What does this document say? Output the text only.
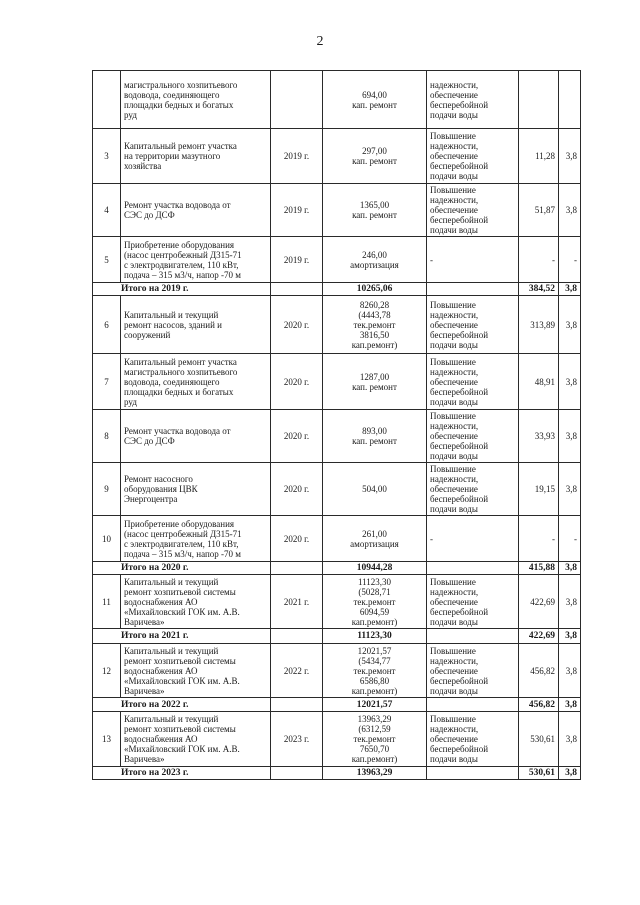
2
	магистрального хозпитьевого
водовода, соединяющего
площадки бедных и богатых
руд		694,00
кап. ремонт	надежности,
обеспечение
бесперебойной
подачи воды		
3	Капитальный ремонт участка
на территории мазутного
хозяйства	2019 г.	297,00
кап. ремонт	Повышение
надежности,
обеспечение
бесперебойной
подачи воды	11,28	3,8
4	Ремонт участка водовода от
СЭС до ДСФ	2019 г.	1365,00
кап. ремонт	Повышение
надежности,
обеспечение
бесперебойной
подачи воды	51,87	3,8
5	Приобретение оборудования
(насос центробежный Д315-71
с электродвигателем, 110 кВт,
подача – 315 м3/ч, напор -70 м	2019 г.	246,00
амортизация	-	-	-
Итого на 2019 г.			10265,06		384,52	3,8
6	Капитальный и текущий
ремонт насосов, зданий и
сооружений	2020 г.	8260,28
(4443,78
тек.ремонт
3816,50
кап.ремонт)	Повышение
надежности,
обеспечение
бесперебойной
подачи воды	313,89	3,8
7	Капитальный ремонт участка
магистрального хозпитьевого
водовода, соединяющего
площадки бедных и богатых
руд	2020 г.	1287,00
кап. ремонт	Повышение
надежности,
обеспечение
бесперебойной
подачи воды	48,91	3,8
8	Ремонт участка водовода от
СЭС до ДСФ	2020 г.	893,00
кап. ремонт	Повышение
надежности,
обеспечение
бесперебойной
подачи воды	33,93	3,8
9	Ремонт насосного
оборудования ЦВК
Энергоцентра	2020 г.	504,00	Повышение
надежности,
обеспечение
бесперебойной
подачи воды	19,15	3,8
10	Приобретение оборудования
(насос центробежный Д315-71
с электродвигателем, 110 кВт,
подача – 315 м3/ч, напор -70 м	2020 г.	261,00
амортизация	-	-	-
Итого на 2020 г.			10944,28		415,88	3,8
11	Капитальный и текущий
ремонт хозпитьевой системы
водоснабжения АО
«Михайловский ГОК им. А.В.
Варичева»	2021 г.	11123,30
(5028,71
тек.ремонт
6094,59
кап.ремонт)	Повышение
надежности,
обеспечение
бесперебойной
подачи воды	422,69	3,8
Итого на 2021 г.			11123,30		422,69	3,8
12	Капитальный и текущий
ремонт хозпитьевой системы
водоснабжения АО
«Михайловский ГОК им. А.В.
Варичева»	2022 г.	12021,57
(5434,77
тек.ремонт
6586,80
кап.ремонт)	Повышение
надежности,
обеспечение
бесперебойной
подачи воды	456,82	3,8
Итого на 2022 г.			12021,57		456,82	3,8
13	Капитальный и текущий
ремонт хозпитьевой системы
водоснабжения АО
«Михайловский ГОК им. А.В.
Варичева»	2023 г.	13963,29
(6312,59
тек.ремонт
7650,70
кап.ремонт)	Повышение
надежности,
обеспечение
бесперебойной
подачи воды	530,61	3,8
Итого на 2023 г.			13963,29		530,61	3,8
